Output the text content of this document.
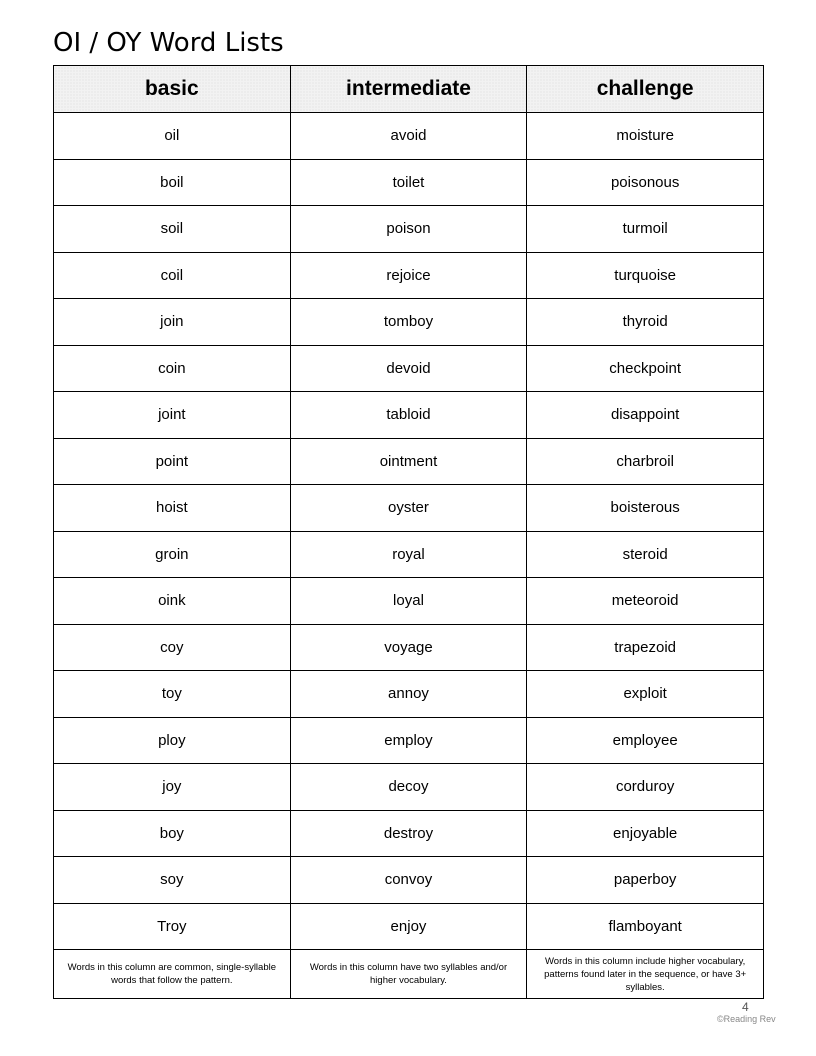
OI / OY Word Lists
basic	intermediate	challenge
oil	avoid	moisture
boil	toilet	poisonous
soil	poison	turmoil
coil	rejoice	turquoise
join	tomboy	thyroid
coin	devoid	checkpoint
joint	tabloid	disappoint
point	ointment	charbroil
hoist	oyster	boisterous
groin	royal	steroid
oink	loyal	meteoroid
coy	voyage	trapezoid
toy	annoy	exploit
ploy	employ	employee
joy	decoy	corduroy
boy	destroy	enjoyable
soy	convoy	paperboy
Troy	enjoy	flamboyant
Words in this column are common, single-syllable words that follow the pattern.	Words in this column have two syllables and/or higher vocabulary.	Words in this column include higher vocabulary, patterns found later in the sequence, or have 3+ syllables.
4
©Reading Rev
